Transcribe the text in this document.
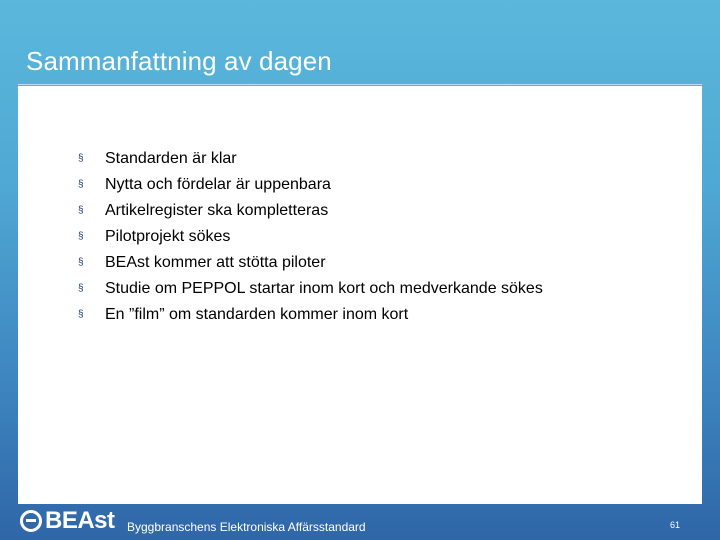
Sammanfattning av dagen
§ Standarden är klar
§ Nytta och fördelar är uppenbara
§ Artikelregister ska kompletteras
§ Pilotprojekt sökes
§ BEAst kommer att stötta piloter
§ Studie om PEPPOL startar inom kort och medverkande sökes
§ En ”film” om standarden kommer inom kort
BEAst Byggbranschens Elektroniska Affärsstandard	61
